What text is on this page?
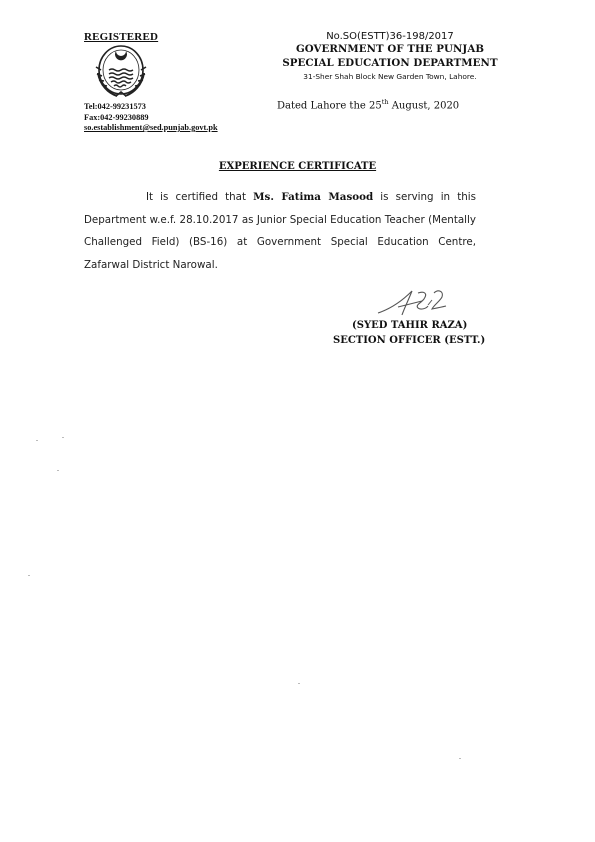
REGISTERED
Tel:042-99231573
Fax:042-99230889
so.establishment@sed.punjab.govt.pk
No.SO(ESTT)36-198/2017
GOVERNMENT OF THE PUNJAB
SPECIAL EDUCATION DEPARTMENT
31-Sher Shah Block New Garden Town, Lahore.
Dated Lahore the 25th August, 2020
EXPERIENCE CERTIFICATE
It is certified that Ms. Fatima Masood is serving in this Department w.e.f. 28.10.2017 as Junior Special Education Teacher (Mentally Challenged Field) (BS-16) at Government Special Education Centre, Zafarwal District Narowal.
(SYED TAHIR RAZA)
SECTION OFFICER (ESTT.)
